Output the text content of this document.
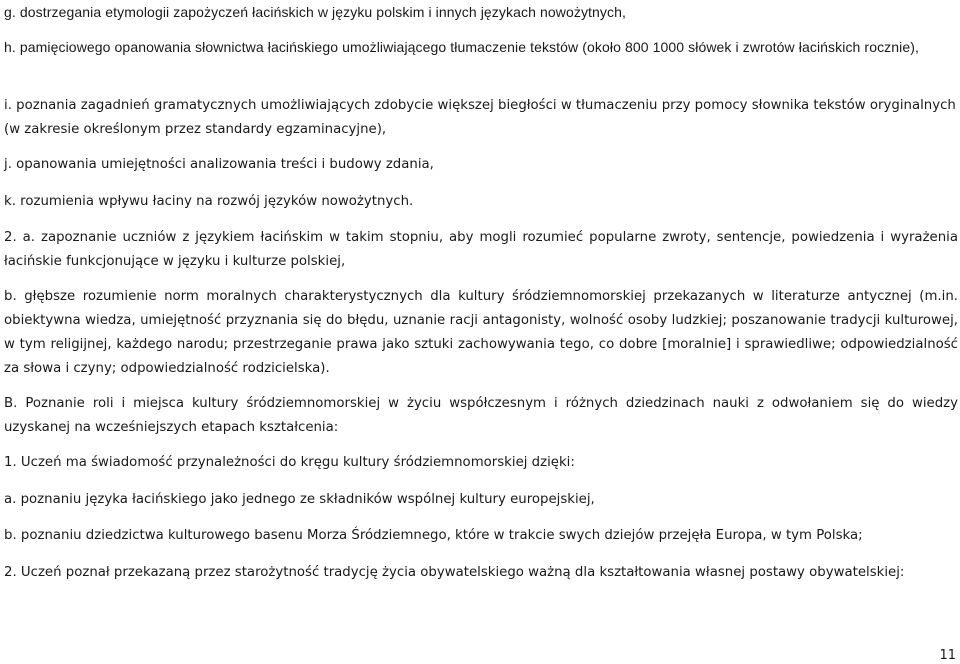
g. dostrzegania etymologii zapożyczeń łacińskich w języku polskim i innych językach nowożytnych,

h. pamięciowego opanowania słownictwa łacińskiego umożliwiającego tłumaczenie tekstów (około 800 1000 słówek i zwrotów łacińskich rocznie),

i. poznania zagadnień gramatycznych umożliwiających zdobycie większej biegłości w tłumaczeniu przy pomocy słownika tekstów oryginalnych (w zakresie określonym przez standardy egzaminacyjne),

j. opanowania umiejętności analizowania treści i budowy zdania,

k. rozumienia wpływu łaciny na rozwój języków nowożytnych.

2. a. zapoznanie uczniów z językiem łacińskim w takim stopniu, aby mogli rozumieć popularne zwroty, sentencje, powiedzenia i wyrażenia łacińskie funkcjonujące w języku i kulturze polskiej,

b. głębsze rozumienie norm moralnych charakterystycznych dla kultury śródziemnomorskiej przekazanych w literaturze antycznej (m.in. obiektywna wiedza, umiejętność przyznania się do błędu, uznanie racji antagonisty, wolność osoby ludzkiej; poszanowanie tradycji kulturowej, w tym religijnej, każdego narodu; przestrzeganie prawa jako sztuki zachowywania tego, co dobre [moralnie] i sprawiedliwe; odpowiedzialność za słowa i czyny; odpowiedzialność rodzicielska).

B. Poznanie roli i miejsca kultury śródziemnomorskiej w życiu współczesnym i różnych dziedzinach nauki z odwołaniem się do wiedzy uzyskanej na wcześniejszych etapach kształcenia:

1. Uczeń ma świadomość przynależności do kręgu kultury śródziemnomorskiej dzięki:

a. poznaniu języka łacińskiego jako jednego ze składników wspólnej kultury europejskiej,

b. poznaniu dziedzictwa kulturowego basenu Morza Śródziemnego, które w trakcie swych dziejów przejęła Europa, w tym Polska;

2. Uczeń poznał przekazaną przez starożytność tradycję życia obywatelskiego ważną dla kształtowania własnej postawy obywatelskiej:

11
